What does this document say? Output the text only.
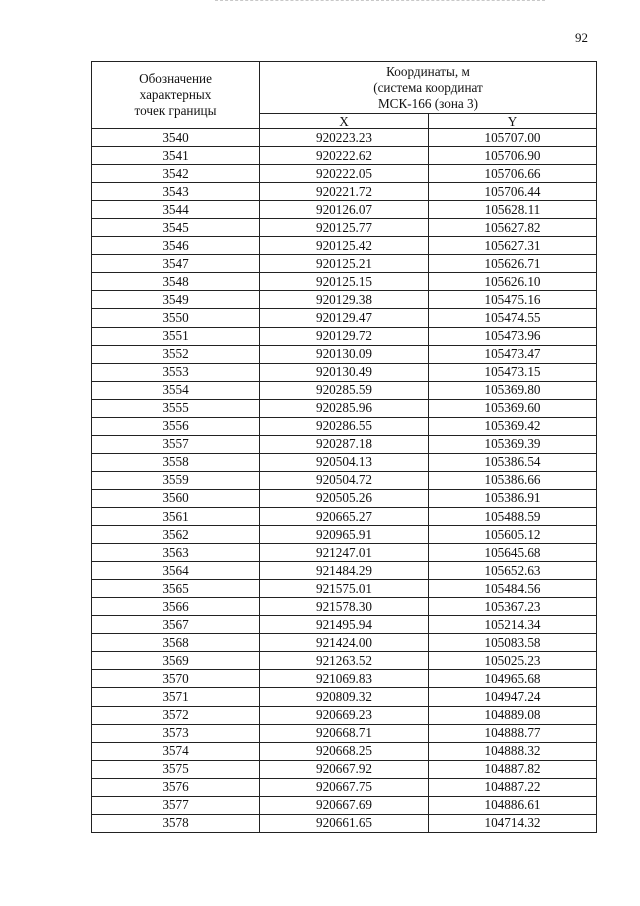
92
Обозначение
характерных
точек границы	Координаты, м
(система координат
МСК-166 (зона 3)	

	X	Y
3540	920223.23	105707.00
3541	920222.62	105706.90
3542	920222.05	105706.66
3543	920221.72	105706.44
3544	920126.07	105628.11
3545	920125.77	105627.82
3546	920125.42	105627.31
3547	920125.21	105626.71
3548	920125.15	105626.10
3549	920129.38	105475.16
3550	920129.47	105474.55
3551	920129.72	105473.96
3552	920130.09	105473.47
3553	920130.49	105473.15
3554	920285.59	105369.80
3555	920285.96	105369.60
3556	920286.55	105369.42
3557	920287.18	105369.39
3558	920504.13	105386.54
3559	920504.72	105386.66
3560	920505.26	105386.91
3561	920665.27	105488.59
3562	920965.91	105605.12
3563	921247.01	105645.68
3564	921484.29	105652.63
3565	921575.01	105484.56
3566	921578.30	105367.23
3567	921495.94	105214.34
3568	921424.00	105083.58
3569	921263.52	105025.23
3570	921069.83	104965.68
3571	920809.32	104947.24
3572	920669.23	104889.08
3573	920668.71	104888.77
3574	920668.25	104888.32
3575	920667.92	104887.82
3576	920667.75	104887.22
3577	920667.69	104886.61
3578	920661.65	104714.32
